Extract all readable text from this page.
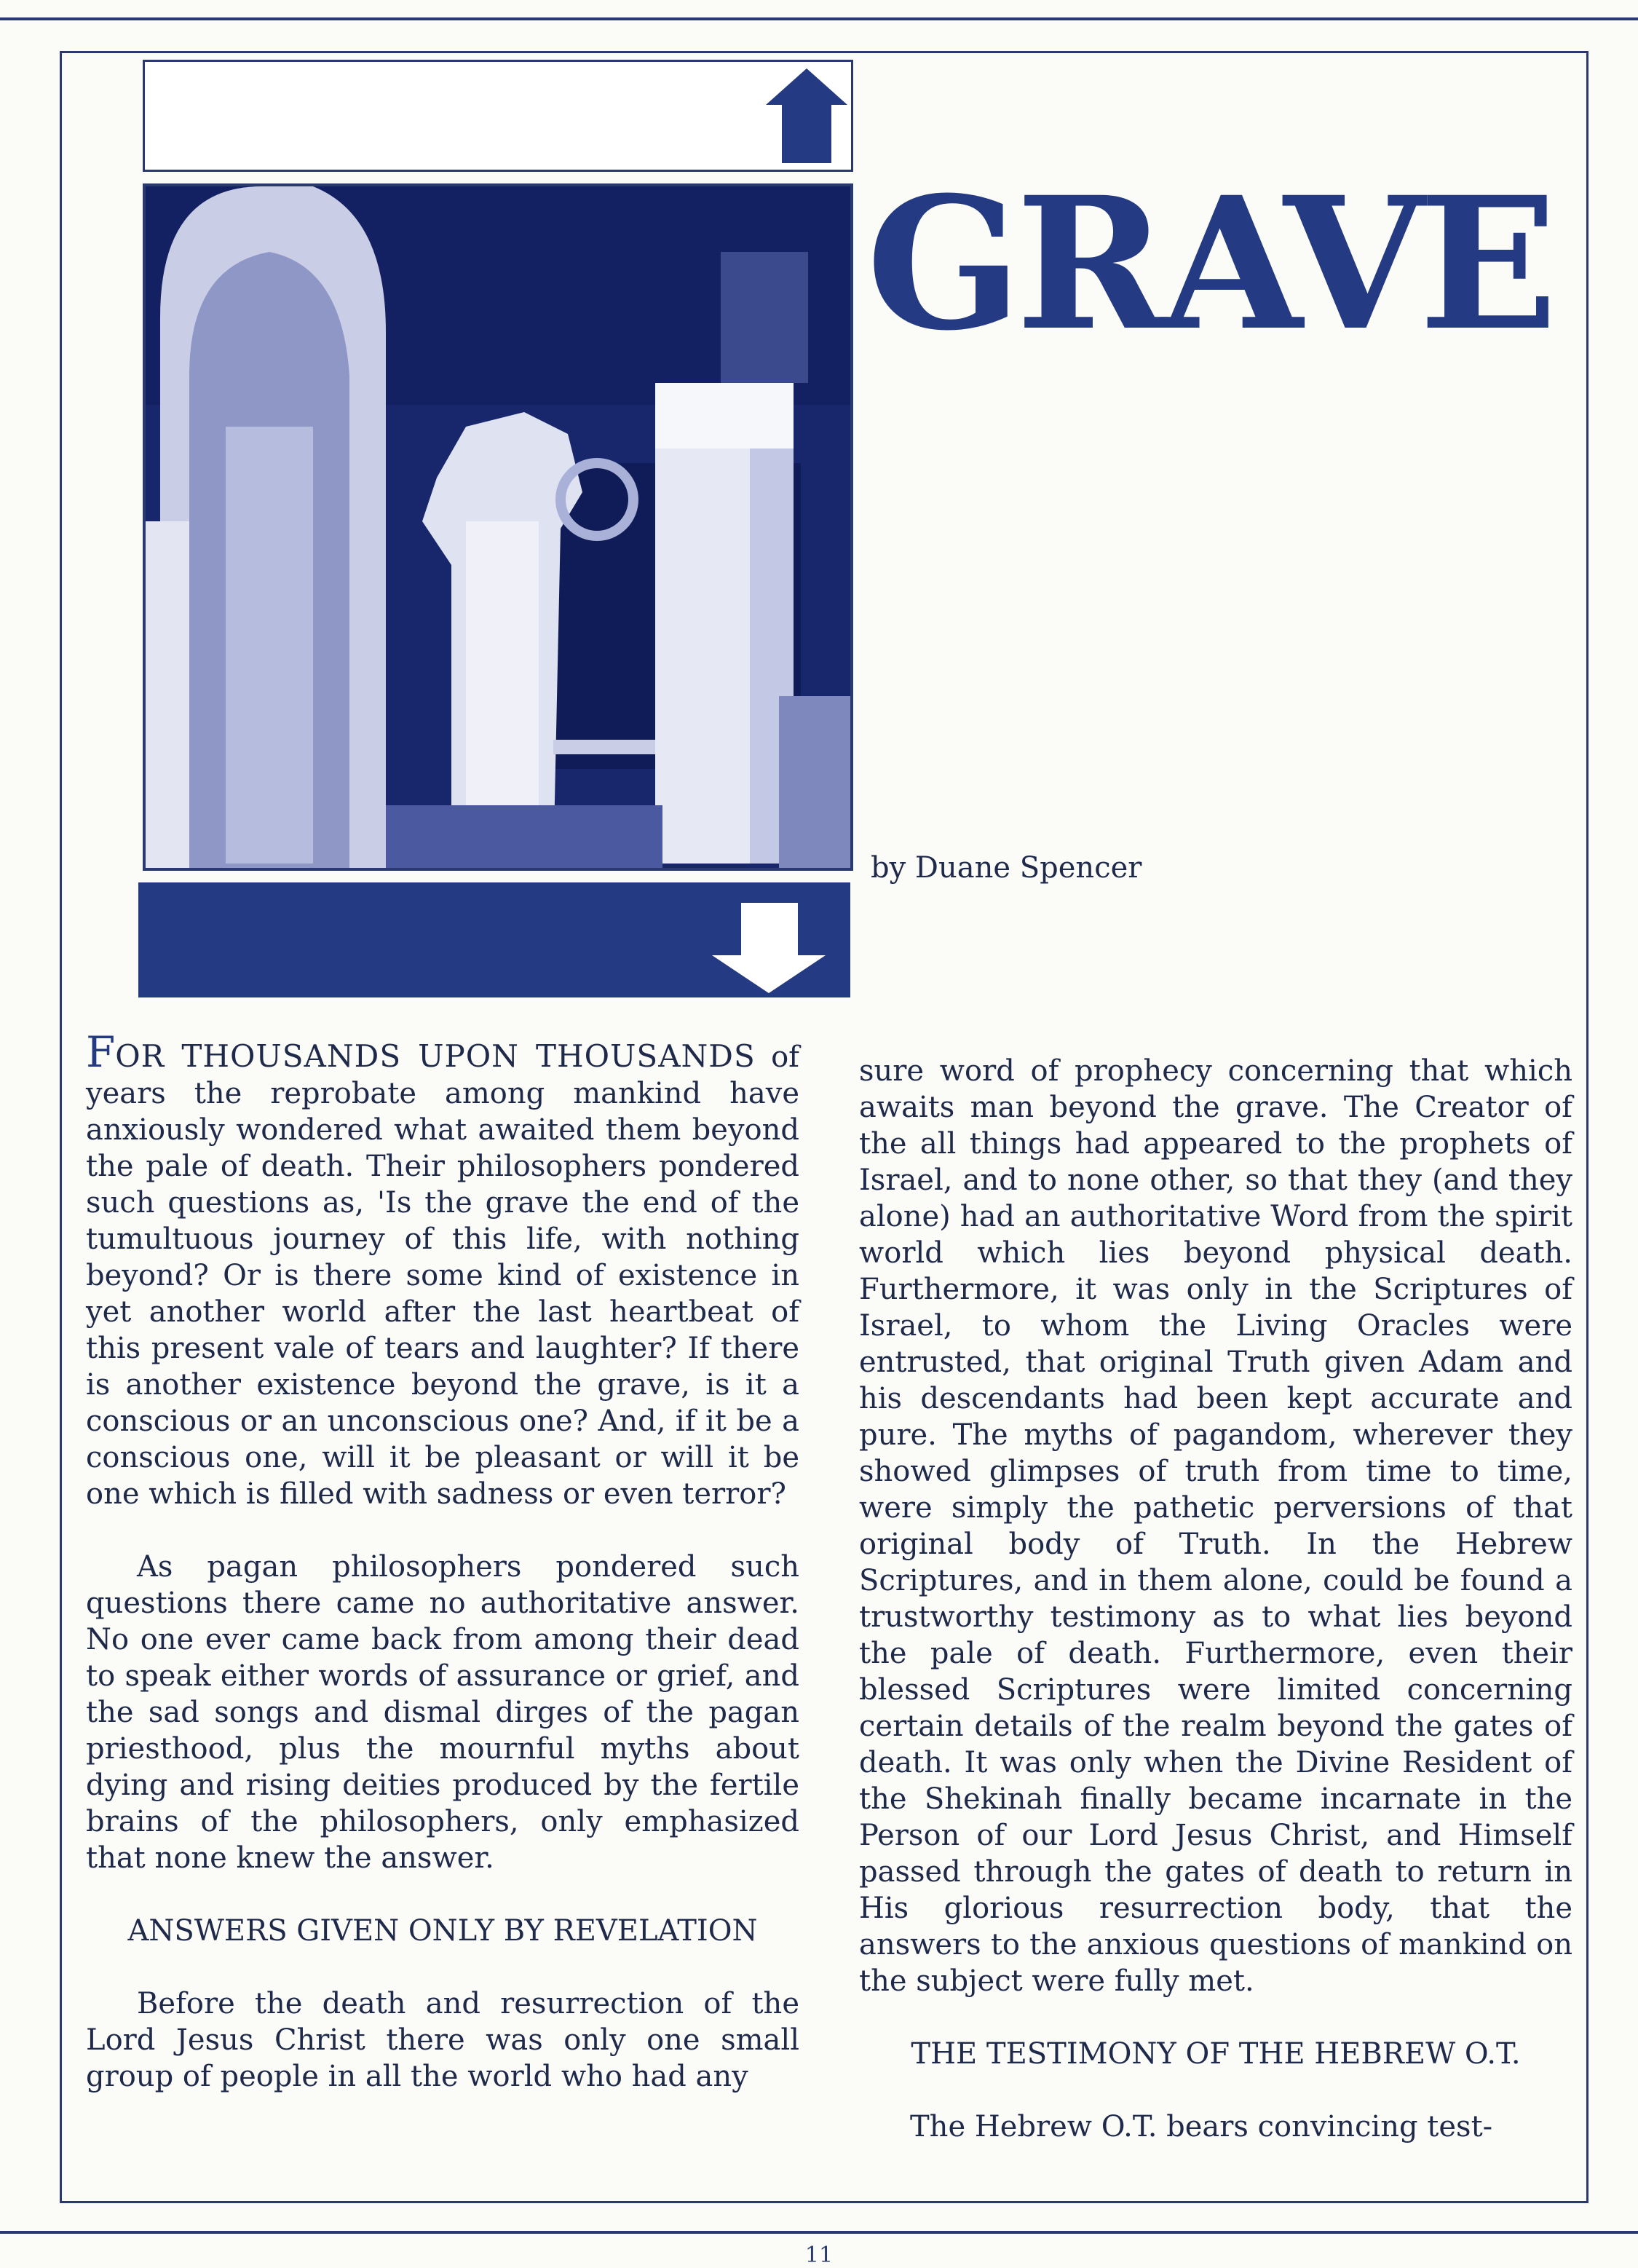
GRAVE
by Duane Spencer

FOR THOUSANDS UPON THOUSANDS of years the reprobate among mankind have anxiously wondered what awaited them beyond the pale of death. Their philosophers pondered such questions as, 'Is the grave the end of the tumultuous journey of this life, with nothing beyond? Or is there some kind of existence in yet another world after the last heartbeat of this present vale of tears and laughter? If there is another existence beyond the grave, is it a conscious or an unconscious one? And, if it be a conscious one, will it be pleasant or will it be one which is filled with sadness or even terror?

As pagan philosophers pondered such questions there came no authoritative answer. No one ever came back from among their dead to speak either words of assurance or grief, and the sad songs and dismal dirges of the pagan priesthood, plus the mournful myths about dying and rising deities produced by the fertile brains of the philosophers, only emphasized that none knew the answer.

ANSWERS GIVEN ONLY BY REVELATION

Before the death and resurrection of the Lord Jesus Christ there was only one small group of people in all the world who had any

sure word of prophecy concerning that which awaits man beyond the grave. The Creator of the all things had appeared to the prophets of Israel, and to none other, so that they (and they alone) had an authoritative Word from the spirit world which lies beyond physical death. Furthermore, it was only in the Scriptures of Israel, to whom the Living Oracles were entrusted, that original Truth given Adam and his descendants had been kept accurate and pure. The myths of pagandom, wherever they showed glimpses of truth from time to time, were simply the pathetic perversions of that original body of Truth. In the Hebrew Scriptures, and in them alone, could be found a trustworthy testimony as to what lies beyond the pale of death. Furthermore, even their blessed Scriptures were limited concerning certain details of the realm beyond the gates of death. It was only when the Divine Resident of the Shekinah finally became incarnate in the Person of our Lord Jesus Christ, and Himself passed through the gates of death to return in His glorious resurrection body, that the answers to the anxious questions of mankind on the subject were fully met.

THE TESTIMONY OF THE HEBREW O.T.

The Hebrew O.T. bears convincing test-

11
